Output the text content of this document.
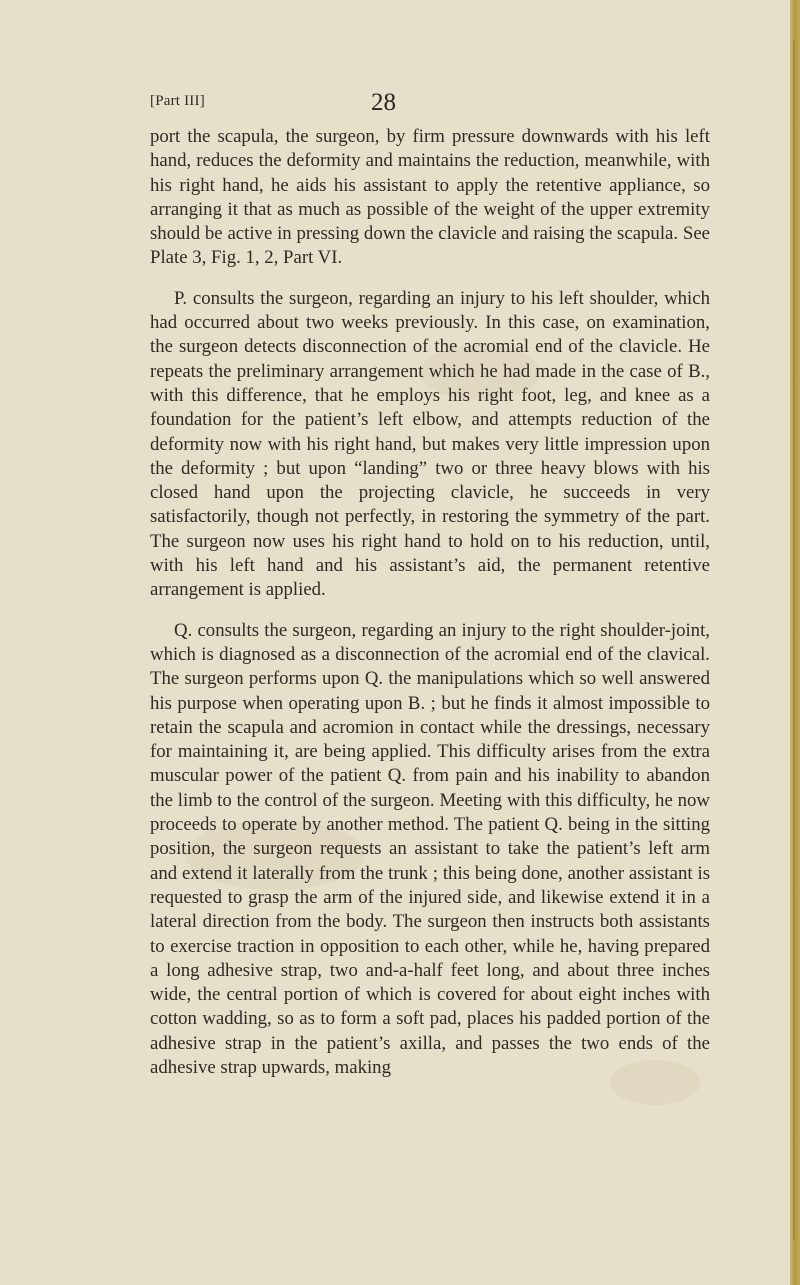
[Part III]	28

port the scapula, the surgeon, by firm pressure downwards with his left hand, reduces the deformity and maintains the reduction, meanwhile, with his right hand, he aids his assistant to apply the retentive appliance, so arranging it that as much as possible of the weight of the upper extremity should be active in pressing down the clavicle and raising the scapula. See Plate 3, Fig. 1, 2, Part VI.

P. consults the surgeon, regarding an injury to his left shoulder, which had occurred about two weeks previously. In this case, on examination, the surgeon detects disconnection of the acromial end of the clavicle. He repeats the preliminary arrangement which he had made in the case of B., with this difference, that he employs his right foot, leg, and knee as a foundation for the patient’s left elbow, and attempts reduction of the deformity now with his right hand, but makes very little impression upon the deformity ; but upon “landing” two or three heavy blows with his closed hand upon the projecting clavicle, he succeeds in very satisfactorily, though not perfectly, in restoring the symmetry of the part. The surgeon now uses his right hand to hold on to his reduction, until, with his left hand and his assistant’s aid, the permanent retentive arrangement is applied.

Q. consults the surgeon, regarding an injury to the right shoulder-joint, which is diagnosed as a disconnection of the acromial end of the clavical. The surgeon performs upon Q. the manipulations which so well answered his purpose when operating upon B. ; but he finds it almost impossible to retain the scapula and acromion in contact while the dressings, necessary for maintaining it, are being applied. This difficulty arises from the extra muscular power of the patient Q. from pain and his inability to abandon the limb to the control of the surgeon. Meeting with this difficulty, he now proceeds to operate by another method. The patient Q. being in the sitting position, the surgeon requests an assistant to take the patient’s left arm and extend it laterally from the trunk ; this being done, another assistant is requested to grasp the arm of the injured side, and likewise extend it in a lateral direction from the body. The surgeon then instructs both assistants to exercise traction in opposition to each other, while he, having prepared a long adhesive strap, two and-a-half feet long, and about three inches wide, the central portion of which is covered for about eight inches with cotton wadding, so as to form a soft pad, places his padded portion of the adhesive strap in the patient’s axilla, and passes the two ends of the adhesive strap upwards, making
